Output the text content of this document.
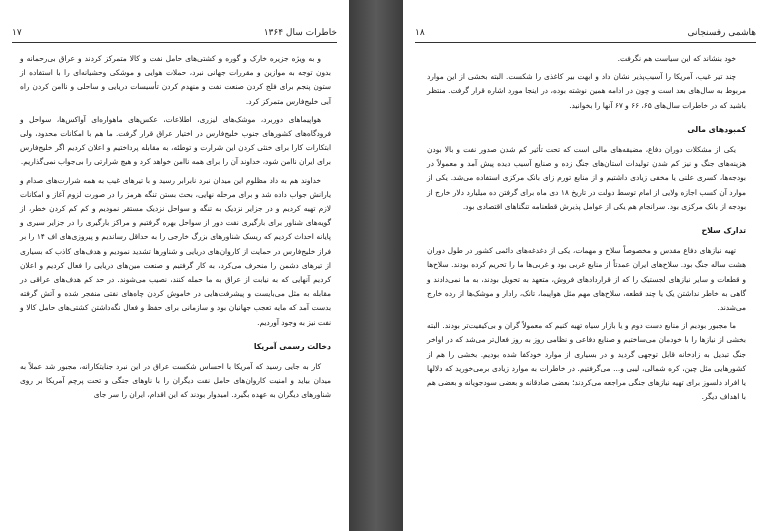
۱۷	خاطرات سال ۱۳۶۴

و به ویژه جزیره خارک و گوره و کشتی‌های حامل نفت و کالا متمرکز کردند و عراق بی‌رحمانه و بدون توجه به موازین و مقررات جهانی نبرد، حملات هوایی و موشکی وحشیانه‌ای را با استفاده از ستون پنجم برای فلج کردن صنعت نفت و منهدم کردن تأسیسات دریایی و ساحلی و ناامن کردن راه آبی خلیج‌فارس متمرکز کرد.

هواپیماهای دوربرد، موشک‌های لیزری، اطلاعات، عکس‌های ماهواره‌ای آواکس‌ها، سواحل و فرودگاه‌های کشورهای جنوب خلیج‌فارس در اختیار عراق قرار گرفت. ما هم با امکانات محدود، ولی ابتکارات کارا برای خنثی کردن این شرارت و توطئه، به مقابله پرداختیم و اعلان کردیم اگر خلیج‌فارس برای ایران ناامن شود، خداوند آن را برای همه ناامن خواهد کرد و هیچ شرارتی را بی‌جواب نمی‌گذاریم.

خداوند هم به داد مظلوم این میدان نبرد نابرابر رسید و با تیرهای غیب به همه شرارت‌های صدام و یارانش جواب داده شد و برای مرحله نهایی، بحث بستن تنگه هرمز را در صورت لزوم آغاز و امکانات لازم تهیه کردیم و در جزایر نزدیک به تنگه و سواحل نزدیک مستقر نمودیم و کم کم کردن خطر، از گویه‌های شناور برای بارگیری نفت دور از سواحل بهره گرفتیم و مراکز بارگیری را در جزایر سیری و پایانه احداث کردیم که ریسک شناورهای بزرگ خارجی را به حداقل رساندیم و پیروزی‌های اف ۱۴ را بر فراز خلیج‌فارس در حمایت از کاروان‌های دریایی و شناورها تشدید نمودیم و هدف‌های کاذب که بسیاری از تیرهای دشمن را منحرف می‌کرد، به کار گرفتیم و صنعت مین‌های دریایی را فعال کردیم و اعلان کردیم آنهایی که به نیابت از عراق به ما حمله کنند، نصیب می‌شوند. در حد کم هدف‌های عراقی در مقابله به مثل می‌بایست و پیشرفت‌هایی در خاموش کردن چاه‌های نفتی منفجر شده و آتش گرفته بدست آمد که مایه تعجب جهانیان بود و سازمانی برای حفظ و فعال نگه‌داشتن کشتی‌های حامل کالا و نفت نیز به وجود آوردیم.

دخالت رسمی آمریکا

کار به جایی رسید که آمریکا با احساس شکست عراق در این نبرد جنایتکارانه، مجبور شد عملاً به میدان بیاید و امنیت کاروان‌های حامل نفت دیگران را با ناوهای جنگی و تحت پرچم آمریکا بر روی شناورهای دیگران به عهده بگیرد. امیدوار بودند که این اقدام، ایران را سر جای

۱۸	هاشمی رفسنجانی

خود بنشاند که این سیاست هم نگرفت.

چند تیر غیب، آمریکا را آسیب‌پذیر نشان داد و ابهت بیر کاغذی را شکست. البته بخشی از این موارد مربوط به سال‌های بعد است و چون در ادامه همین نوشته بوده، در اینجا مورد اشاره قرار گرفت. منتظر باشید که در خاطرات سال‌های ۶۵، ۶۶ و ۶۷ آنها را بخوانید.

کمبودهای مالی

یکی از مشکلات دوران دفاع، مضیقه‌های مالی است که تحت تأثیر کم شدن صدور نفت و بالا بودن هزینه‌های جنگ و نیز کم شدن تولیدات استان‌های جنگ زده و صنایع آسیب دیده پیش آمد و معمولاً در بودجه‌ها، کسری علنی یا مخفی زیادی داشتیم و از منابع تورم زای بانک مرکزی استفاده می‌شد. یکی از موارد آن کسب اجازه ولایی از امام توسط دولت در تاریخ ۱۸ دی ماه برای گرفتن ده میلیارد دلار خارج از بودجه از بانک مرکزی بود. سرانجام هم یکی از عوامل پذیرش قطعنامه تنگناهای اقتصادی بود.

تدارک سلاح

تهیه نیازهای دفاع مقدس و مخصوصاً سلاح و مهمات، یکی از دغدغه‌های دائمی کشور در طول دوران هشت ساله جنگ بود. سلاح‌های ایران عمدتاً از منابع غربی بود و غربی‌ها ما را تحریم کرده بودند. سلاح‌ها و قطعات و سایر نیازهای لجستیک را که از قراردادهای فروش، متعهد به تحویل بودند، به ما نمی‌دادند و گاهی به خاطر نداشتن یک یا چند قطعه، سلاح‌های مهم مثل هواپیما، تانک، رادار و موشک‌ها از رده خارج می‌شدند.

ما مجبور بودیم از منابع دست دوم و یا بازار سیاه تهیه کنیم که معمولاً گران و بی‌کیفیت‌تر بودند. البته بخشی از نیازها را با خودمان می‌ساختیم و صنایع دفاعی و نظامی روز به روز فعال‌تر می‌شد که در اواخر جنگ تبدیل به زادخانه قابل توجهی گردید و در بسیاری از موارد خودکفا شده بودیم. بخشی را هم از کشورهایی مثل چین، کره شمالی، لیبی و... می‌گرفتیم. در خاطرات به موارد زیادی برمی‌خورید که دلالها یا افراد دلسوز برای تهیه نیازهای جنگی مراجعه می‌کردند؛ بعضی صادقانه و بعضی سودجویانه و بعضی هم با اهداف دیگر.
